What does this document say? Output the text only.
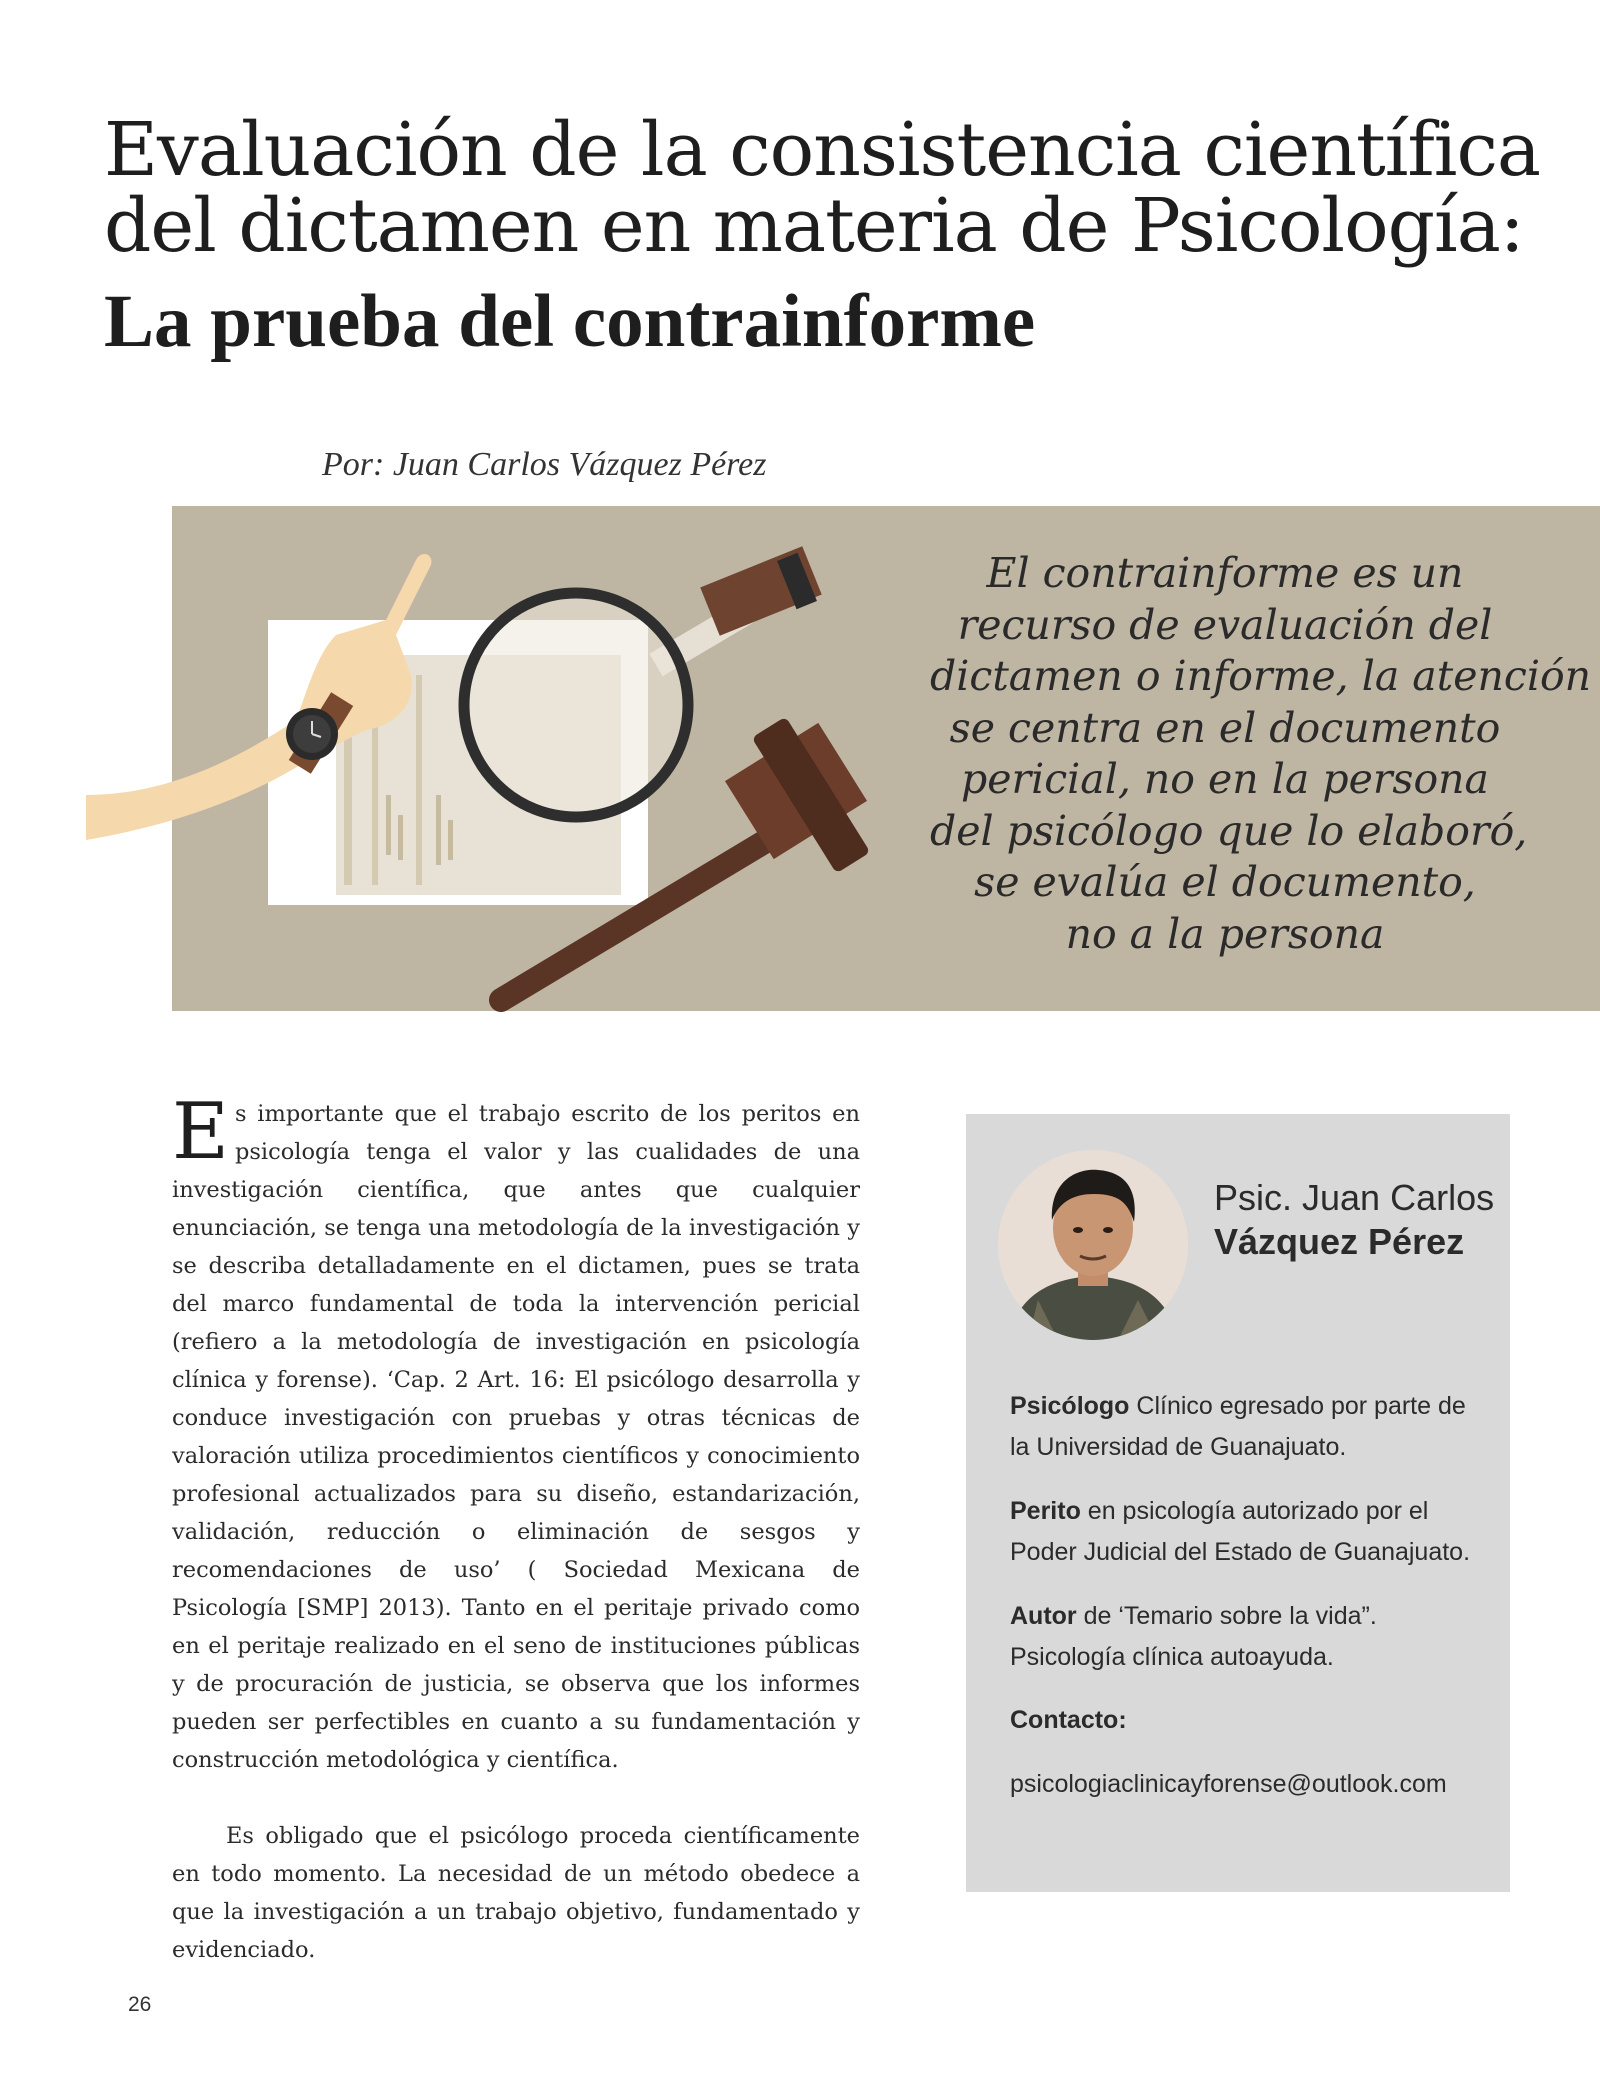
Evaluación de la consistencia científica del dictamen en materia de Psicología:
La prueba del contrainforme
Por: Juan Carlos Vázquez Pérez
El contrainforme es un
recurso de evaluación del
dictamen o informe, la atención
se centra en el documento
pericial, no en la persona
del psicólogo que lo elaboró,
se evalúa el documento,
no a la persona

Es importante que el trabajo escrito de los peritos en psicología tenga el valor y las cualidades de una investigación científica, que antes que cualquier enunciación, se tenga una metodología de la investigación y se describa detalladamente en el dictamen, pues se trata del marco fundamental de toda la intervención pericial (refiero a la metodología de investigación en psicología clínica y forense). ‘Cap. 2 Art. 16: El psicólogo desarrolla y conduce investigación con pruebas y otras técnicas de valoración utiliza procedimientos científicos y conocimiento profesional actualizados para su diseño, estandarización, validación, reducción o eliminación de sesgos y recomendaciones de uso’ ( Sociedad Mexicana de Psicología [SMP] 2013). Tanto en el peritaje privado como en el peritaje realizado en el seno de instituciones públicas y de procuración de justicia, se observa que los informes pueden ser perfectibles en cuanto a su fundamentación y construcción metodológica y científica.

Es obligado que el psicólogo proceda científicamente en todo momento. La necesidad de un método obedece a que la investigación a un trabajo objetivo, fundamentado y evidenciado.

Psic. Juan Carlos
Vázquez Pérez
Psicólogo Clínico egresado por parte de la Universidad de Guanajuato.
Perito en psicología autorizado por el Poder Judicial del Estado de Guanajuato.
Autor de ‘Temario sobre la vida”. Psicología clínica autoayuda.
Contacto:
psicologiaclinicayforense@outlook.com
26
